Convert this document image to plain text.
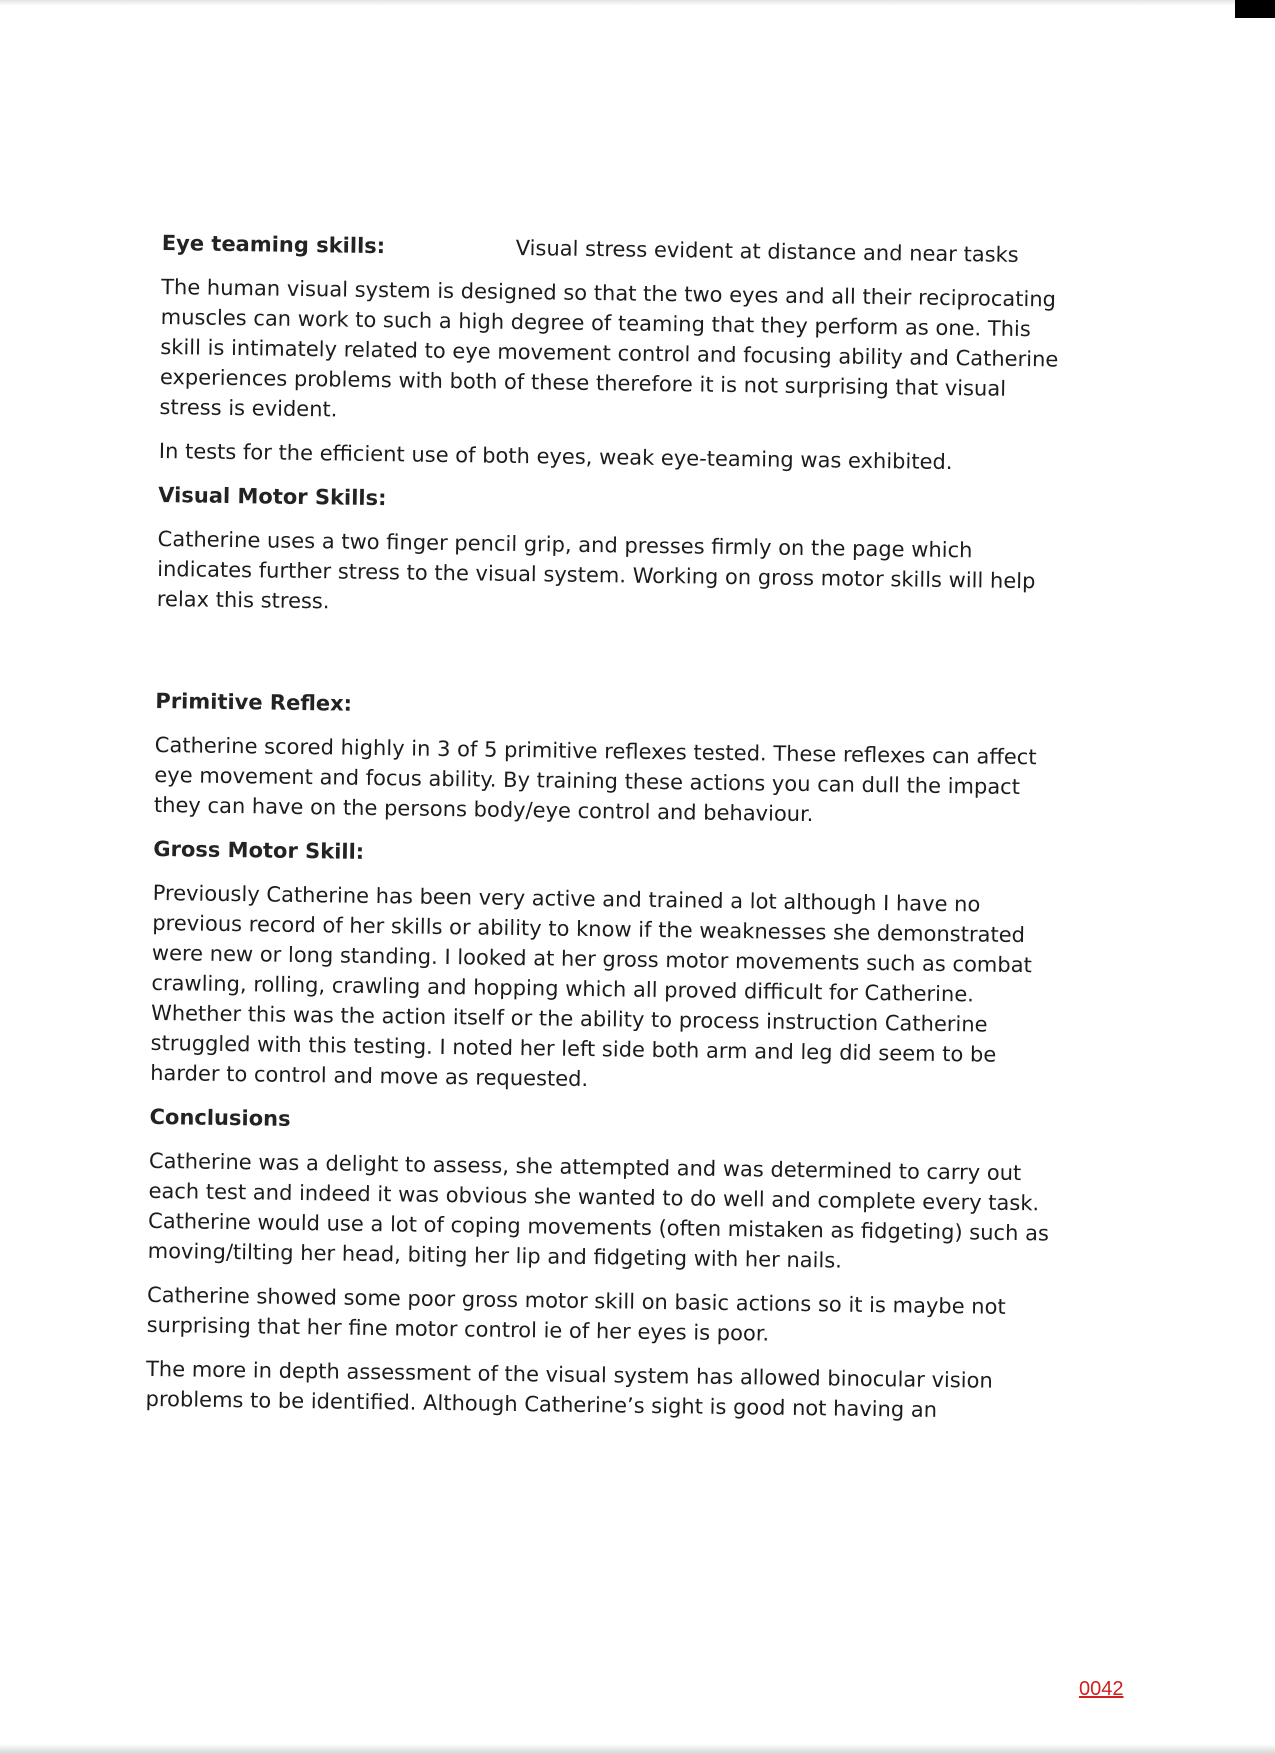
Eye teaming skills:	Visual stress evident at distance and near tasks

The human visual system is designed so that the two eyes and all their reciprocating muscles can work to such a high degree of teaming that they perform as one. This skill is intimately related to eye movement control and focusing ability and Catherine experiences problems with both of these therefore it is not surprising that visual stress is evident.

In tests for the efficient use of both eyes, weak eye-teaming was exhibited.

Visual Motor Skills:

Catherine uses a two finger pencil grip, and presses firmly on the page which indicates further stress to the visual system. Working on gross motor skills will help relax this stress.

Primitive Reflex:

Catherine scored highly in 3 of 5 primitive reflexes tested. These reflexes can affect eye movement and focus ability. By training these actions you can dull the impact they can have on the persons body/eye control and behaviour.

Gross Motor Skill:

Previously Catherine has been very active and trained a lot although I have no previous record of her skills or ability to know if the weaknesses she demonstrated were new or long standing. I looked at her gross motor movements such as combat crawling, rolling, crawling and hopping which all proved difficult for Catherine. Whether this was the action itself or the ability to process instruction Catherine struggled with this testing. I noted her left side both arm and leg did seem to be harder to control and move as requested.

Conclusions

Catherine was a delight to assess, she attempted and was determined to carry out each test and indeed it was obvious she wanted to do well and complete every task. Catherine would use a lot of coping movements (often mistaken as fidgeting) such as moving/tilting her head, biting her lip and fidgeting with her nails.

Catherine showed some poor gross motor skill on basic actions so it is maybe not surprising that her fine motor control ie of her eyes is poor.

The more in depth assessment of the visual system has allowed binocular vision problems to be identified. Although Catherine’s sight is good not having an

0042
